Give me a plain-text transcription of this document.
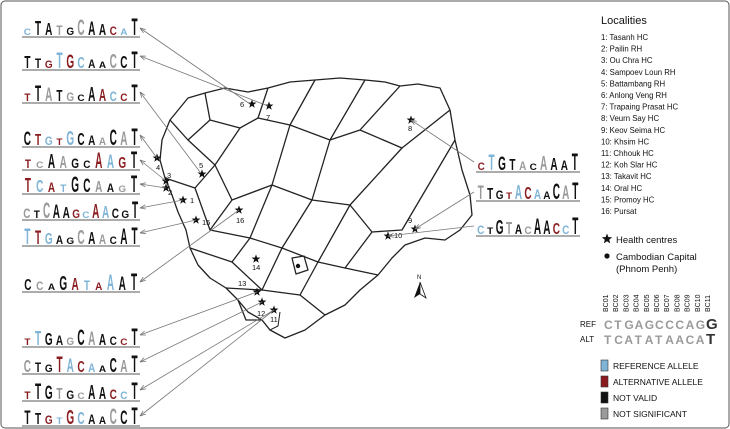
1
2
3
4	5
6
7
8
9
10
11
12
13
14
15	16
N
C T A T G C A A C A T
T T G T G C A A C C T
T T A T G C A A C C T
C T G T G C A A C A T
T C A A G C A A G T
T C A T G C A A G T
C T C A A G C A A C G T
T T G A G C A A C A T
C C A G A T A A A T
T T G A G C A A C C T
C T G T A C A A C A T
T T G T G C A A C C T
T T G T G C A A C C T
C T G T A C A A A T
T T G T A C A A C A T
C T G T A C A A C C T
Localities
1: Tasanh HC
2: Pailin RH
3: Ou Chra HC
4: Sampoev Loun RH
5: Battambang RH
6: Anlong Veng RH
7: Trapaing Prasat HC
8: Veurn Say HC
9: Keov Seima HC
10: Khsim HC
11: Chhouk HC
12: Koh Slar HC
13: Takavit HC
14: Oral HC
15: Promoy HC
16: Pursat
Health centres
Cambodian Capital
(Phnom Penh)
BC01 BC02 BC03 BC04 BC05 BC06 BC07 BC08 BC09 BC10 BC11
REF
ALT
C T G A G C C C A G G
T C A T A T A A C A T
REFERENCE ALLELE
ALTERNATIVE ALLELE
NOT VALID
NOT SIGNIFICANT
